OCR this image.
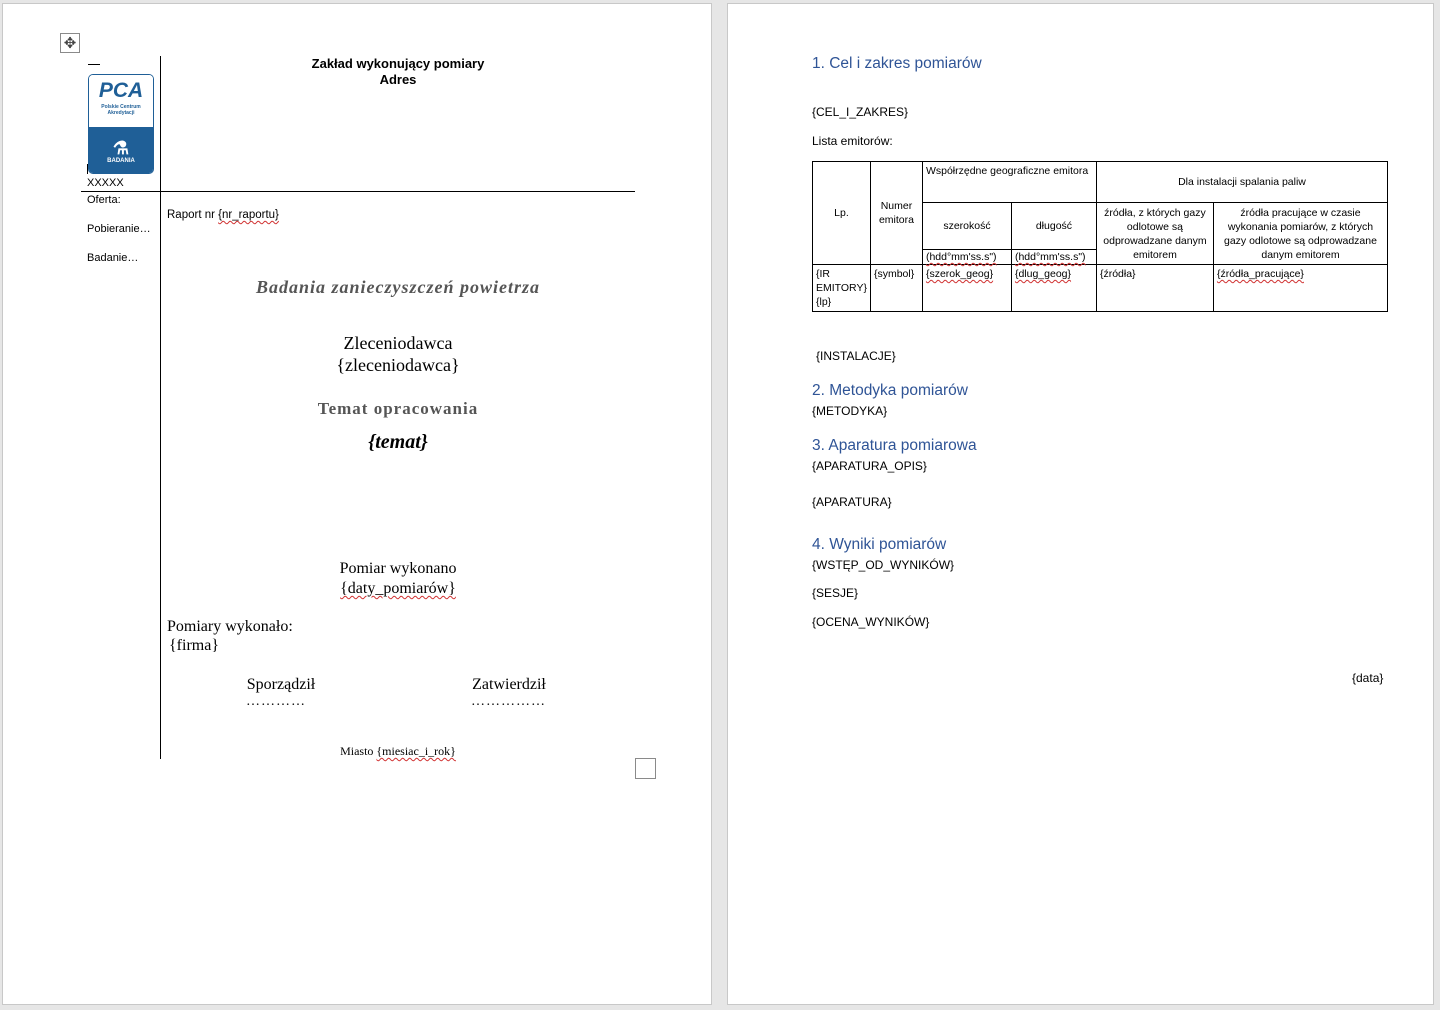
✥
Zakład wykonujący pomiary
Adres
PCA
Polskie Centrum
Akredytacji
⚗
BADANIA
XXXXX
Oferta:
Pobieranie…
Badanie…
Raport nr {nr_raportu}
Badania zanieczyszczeń powietrza
Zleceniodawca
{zleceniodawca}
Temat opracowania
{temat}
Pomiar wykonano
{daty_pomiarów}
Pomiary wykonało:
{firma}
Sporządził
…………
Zatwierdził
……………
Miasto {miesiac_i_rok}
1. Cel i zakres pomiarów
{CEL_I_ZAKRES}
Lista emitorów:
Lp.	Numer emitora	Współrzędne geograficzne emitora		Dla instalacji spalania paliw	
		szerokość	długość	źródła, z których gazy odlotowe są odprowadzane danym emitorem	źródła pracujące w czasie wykonania pomiarów, z których gazy odlotowe są odprowadzane danym emitorem
		(hdd°mm'ss.s")	(hdd°mm'ss.s")		
{IR EMITORY}{lp}	{symbol}	{szerok_geog}	{dlug_geog}	{źródła}	{źródła_pracujące}
{INSTALACJE}
2. Metodyka pomiarów
{METODYKA}
3. Aparatura pomiarowa
{APARATURA_OPIS}
{APARATURA}
4. Wyniki pomiarów
{WSTĘP_OD_WYNIKÓW}
{SESJE}
{OCENA_WYNIKÓW}
{data}
